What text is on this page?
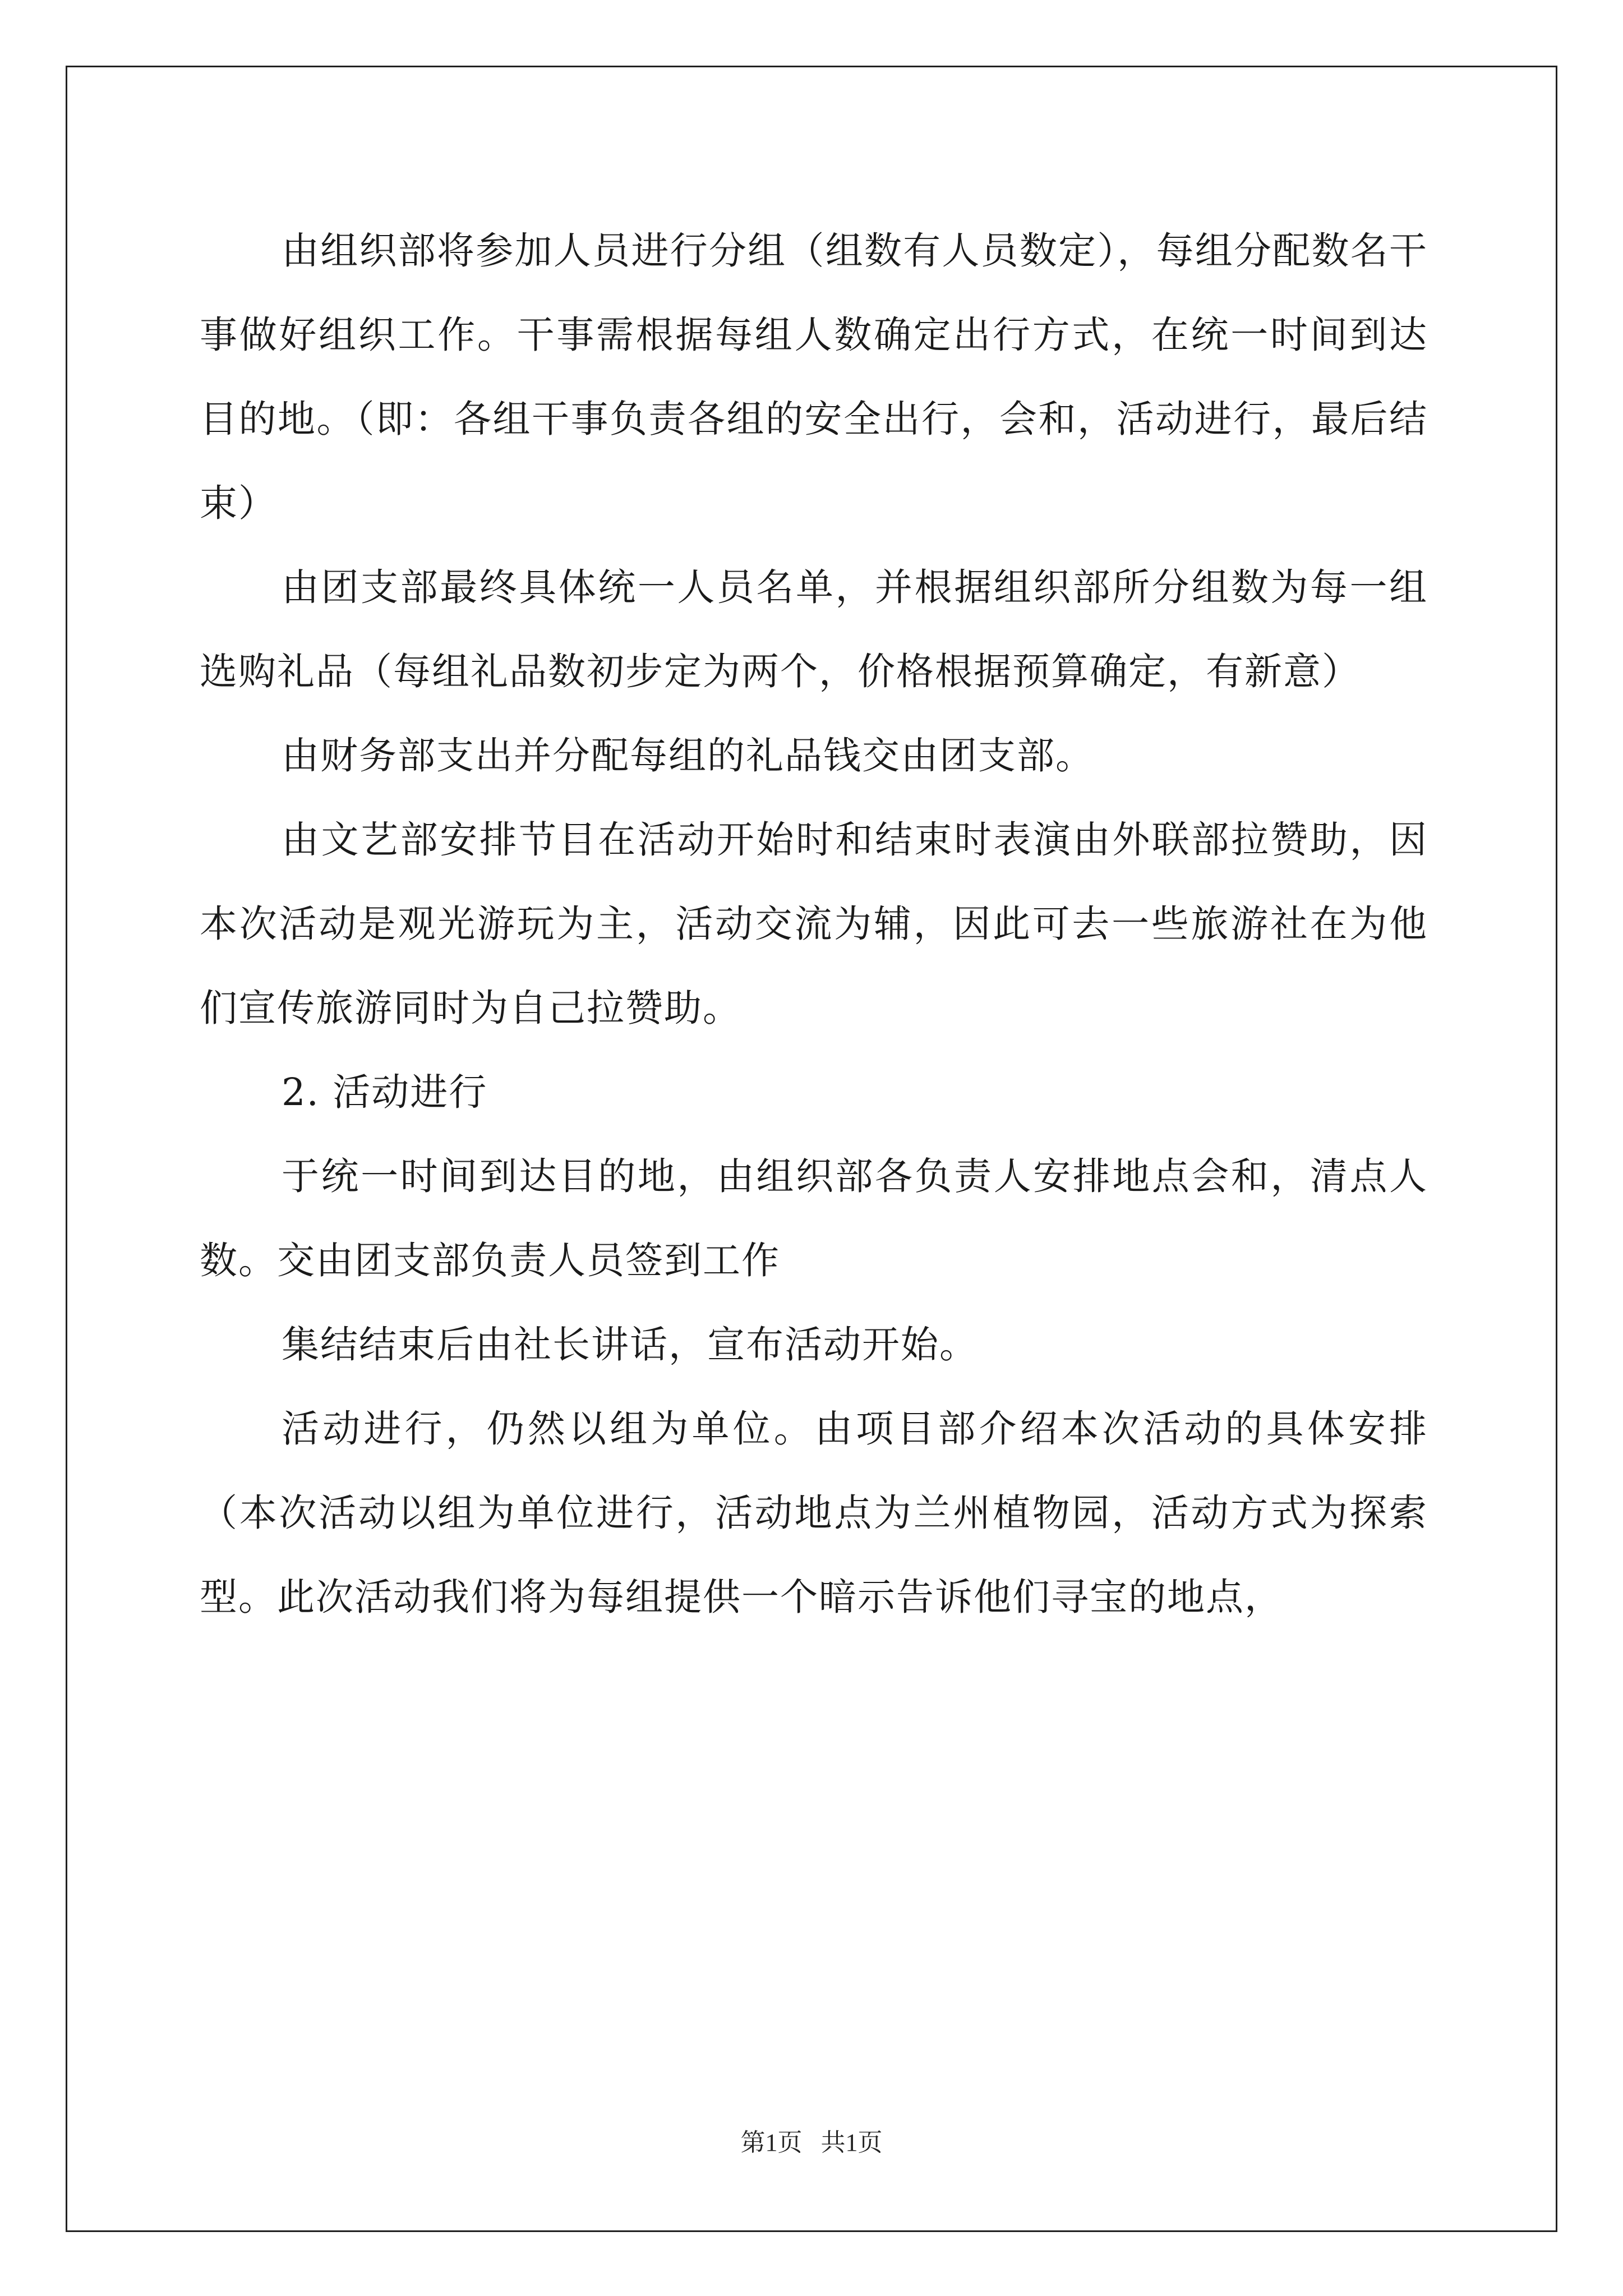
由组织部将参加人员进行分组（组数有人员数定），每组分配数名干事做好组织工作。干事需根据每组人数确定出行方式，在统一时间到达目的地。（即：各组干事负责各组的安全出行，会和，活动进行，最后结束）

由团支部最终具体统一人员名单，并根据组织部所分组数为每一组选购礼品（每组礼品数初步定为两个，价格根据预算确定，有新意）

由财务部支出并分配每组的礼品钱交由团支部。

由文艺部安排节目在活动开始时和结束时表演由外联部拉赞助，因本次活动是观光游玩为主，活动交流为辅，因此可去一些旅游社在为他们宣传旅游同时为自己拉赞助。

2. 活动进行

于统一时间到达目的地，由组织部各负责人安排地点会和，清点人数。交由团支部负责人员签到工作

集结结束后由社长讲话，宣布活动开始。

活动进行，仍然以组为单位。由项目部介绍本次活动的具体安排（本次活动以组为单位进行，活动地点为兰州植物园，活动方式为探索型。此次活动我们将为每组提供一个暗示告诉他们寻宝的地点，

第1页   共1页
